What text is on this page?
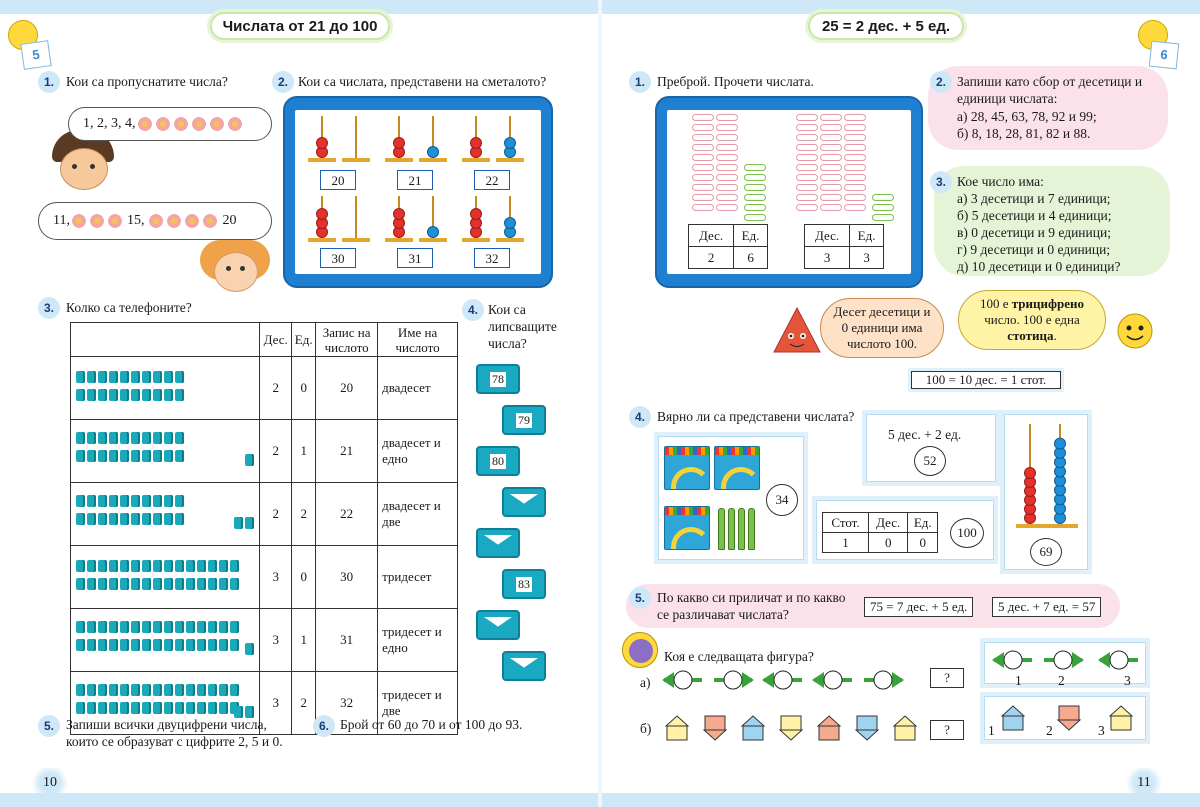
5
Числата от 21 до 100
1. Кои са пропуснатите числа?
1, 2, 3, 4,
11,	15,	20
2. Кои са числата, представени на сметалото?
20	21	22
30	31	32
3. Колко са телефоните?
	Дес.	Ед.	Запис на числото	Име на числото

	2	0	20	двадесет

	2	1	21	двадесет и едно

	2	2	22	двадесет и две

	3	0	30	тридесет

	3	1	31	тридесет и едно

	3	2	32	тридесет и две
4. Кои са липсващите числа?
78
79
80
83
5. Запиши всички двуцифрени числа, които се образуват с цифрите 2, 5 и 0.
6. Брой от 60 до 70 и от 100 до 93.
10
25 = 2 дес. + 5 ед.
6
1. Преброй. Прочети числата.
Дес.	Ед.
2	6
Дес.	Ед.
3	3
2. Запиши като сбор от десетици и единици числата:
а) 28, 45, 63, 78, 92 и 99;
б) 8, 18, 28, 81, 82 и 88.
3. Кое число има:
а) 3 десетици и 7 единици;
б) 5 десетици и 4 единици;
в) 0 десетици и 9 единици;
г) 9 десетици и 0 единици;
д) 10 десетици и 0 единици?
Десет десетици и 0 единици има числото 100.
100 е трицифрено число. 100 е една стотица.
100 = 10 дес. = 1 стот.
4. Вярно ли са представени числата?
34
5 дес. + 2 ед.
52
Стот.	Дес.	Ед.
1	0	0
100
69
5. По какво си приличат и по какво се различават числата?
75 = 7 дес. + 5 ед.	5 дес. + 7 ед. = 57
Коя е следващата фигура?
а)
б)
?
?
1	2	3
1	2	3
11
